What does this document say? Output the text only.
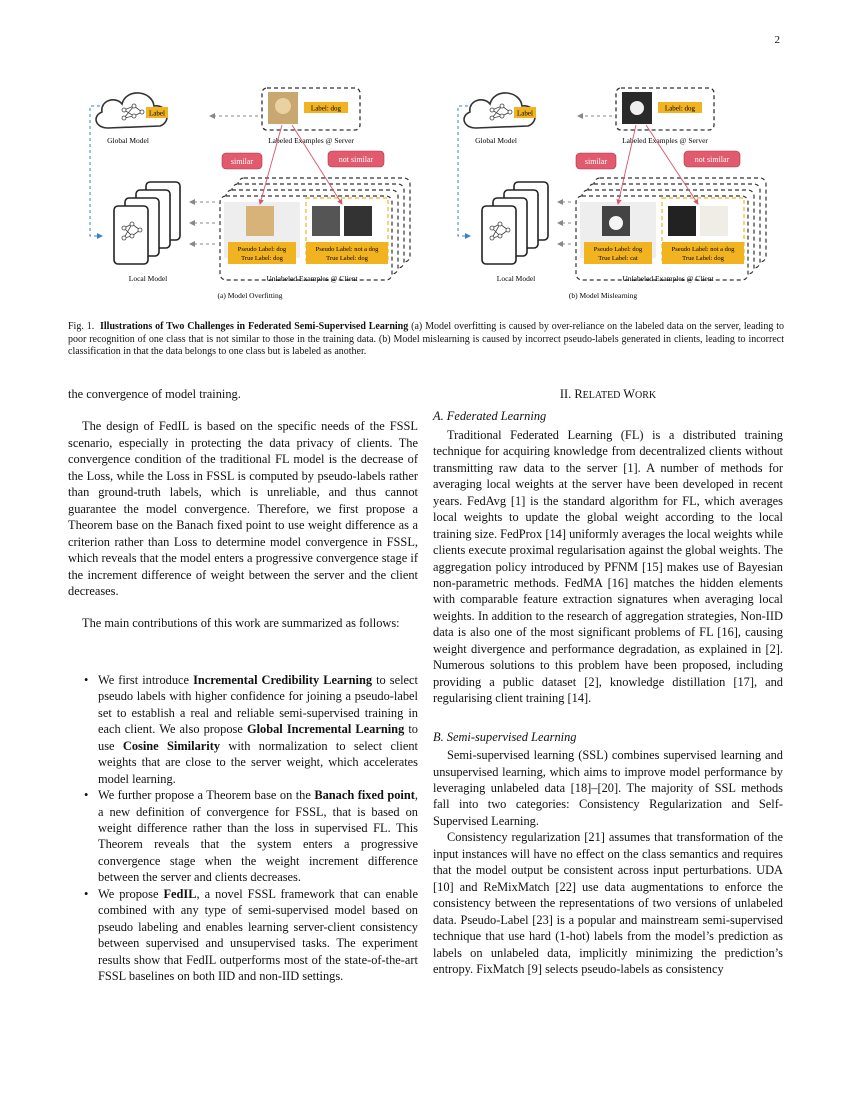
2
Label
Global Model
Label: dog
Labeled Examples @ Server
similar	not similar
Local Model
Pseudo Label: dog
True Label: dog
Pseudo Label: not a dog
True Label: dog
Unlabeled Examples @ Client
(a) Model Overfitting
Label
Global Model
Label: dog
Labeled Examples @ Server
similar	not similar
Local Model
Pseudo Label: dog
True Label: cat
Pseudo Label: not a dog
True Label: dog
Unlabeled Examples @ Client
(b) Model Mislearning
Fig. 1. Illustrations of Two Challenges in Federated Semi-Supervised Learning (a) Model overfitting is caused by over-reliance on the labeled data on the server, leading to poor recognition of one class that is not similar to those in the training data. (b) Model mislearning is caused by incorrect pseudo-labels generated in clients, leading to incorrect classification in that the data belongs to one class but is labeled as another.

the convergence of model training.

The design of FedIL is based on the specific needs of the FSSL scenario, especially in protecting the data privacy of clients. The convergence condition of the traditional FL model is the decrease of the Loss, while the Loss in FSSL is computed by pseudo-labels rather than ground-truth labels, which is unreliable, and thus cannot guarantee the model convergence. Therefore, we first propose a Theorem base on the Banach fixed point to use weight difference as a criterion rather than Loss to determine model convergence in FSSL, which reveals that the model enters a progressive convergence stage if the increment difference of weight between the server and the client decreases.

The main contributions of this work are summarized as follows:

• We first introduce Incremental Credibility Learning to select pseudo labels with higher confidence for joining a pseudo-label set to establish a real and reliable semi-supervised training in each client. We also propose Global Incremental Learning to use Cosine Similarity with normalization to select client weights that are close to the server weight, which accelerates model learning.
• We further propose a Theorem base on the Banach fixed point, a new definition of convergence for FSSL, that is based on weight difference rather than the loss in supervised FL. This Theorem reveals that the system enters a progressive convergence stage when the weight increment difference between the server and clients decreases.
• We propose FedIL, a novel FSSL framework that can enable combined with any type of semi-supervised model based on pseudo labeling and enables learning server-client consistency between supervised and unsupervised tasks. The experiment results show that FedIL outperforms most of the state-of-the-art FSSL baselines on both IID and non-IID settings.
II. RELATED WORK

A. Federated Learning

Traditional Federated Learning (FL) is a distributed training technique for acquiring knowledge from decentralized clients without transmitting raw data to the server [1]. A number of methods for averaging local weights at the server have been developed in recent years. FedAvg [1] is the standard algorithm for FL, which averages local weights to update the global weight according to the local training size. FedProx [14] uniformly averages the local weights while clients execute proximal regularisation against the global weights. The aggregation policy introduced by PFNM [15] makes use of Bayesian non-parametric methods. FedMA [16] matches the hidden elements with comparable feature extraction signatures when averaging local weights. In addition to the research of aggregation strategies, Non-IID data is also one of the most significant problems of FL [16], causing weight divergence and performance degradation, as explained in [2]. Numerous solutions to this problem have been proposed, including providing a public dataset [2], knowledge distillation [17], and regularising client training [14].

B. Semi-supervised Learning

Semi-supervised learning (SSL) combines supervised learning and unsupervised learning, which aims to improve model performance by leveraging unlabeled data [18]–[20]. The majority of SSL methods fall into two categories: Consistency Regularization and Self-Supervised Learning.

Consistency regularization [21] assumes that transformation of the input instances will have no effect on the class semantics and requires that the model output be consistent across input perturbations. UDA [10] and ReMixMatch [22] use data augmentations to enforce the consistency between the representations of two versions of unlabeled data. Pseudo-Label [23] is a popular and mainstream semi-supervised technique that use hard (1-hot) labels from the model’s prediction as labels on unlabeled data, implicitly minimizing the prediction’s entropy. FixMatch [9] selects pseudo-labels as consistency
